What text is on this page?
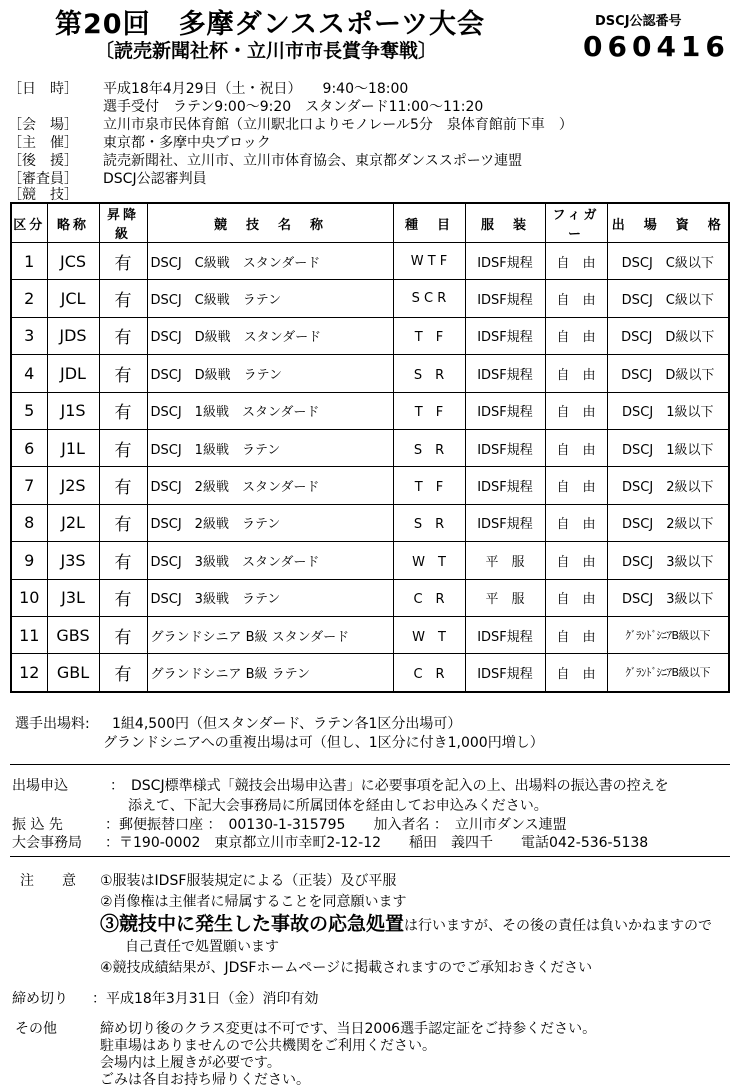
第20回　多摩ダンススポーツ大会
〔読売新聞社杯・立川市市長賞争奪戦〕
DSCJ公認番号
060416
［日　時］ 平成18年4月29日（土・祝日）　　9:40〜18:00
選手受付　ラテン9:00〜9:20　スタンダード11:00〜11:20
［会　場］ 立川市泉市民体育館（立川駅北口よりモノレール5分　泉体育館前下車　）
［主　催］ 東京都・多摩中央ブロック
［後　援］ 読売新聞社、立川市、立川市体育協会、東京都ダンススポーツ連盟
［審査員］ DSCJ公認審判員
［競　技］
区分	略称	昇降級	競　技　名　称	種　目	服　装	フィガー	出　場　資　格
1	JCS	有	DSCJ　C級戦　スタンダード	W T F	IDSF規程	自　由	DSCJ　C級以下
2	JCL	有	DSCJ　C級戦　ラテン	S C R	IDSF規程	自　由	DSCJ　C級以下
3	JDS	有	DSCJ　D級戦　スタンダード	T　F	IDSF規程	自　由	DSCJ　D級以下
4	JDL	有	DSCJ　D級戦　ラテン	S　R	IDSF規程	自　由	DSCJ　D級以下
5	J1S	有	DSCJ　1級戦　スタンダード	T　F	IDSF規程	自　由	DSCJ　1級以下
6	J1L	有	DSCJ　1級戦　ラテン	S　R	IDSF規程	自　由	DSCJ　1級以下
7	J2S	有	DSCJ　2級戦　スタンダード	T　F	IDSF規程	自　由	DSCJ　2級以下
8	J2L	有	DSCJ　2級戦　ラテン	S　R	IDSF規程	自　由	DSCJ　2級以下
9	J3S	有	DSCJ　3級戦　スタンダード	W　T	平　服	自　由	DSCJ　3級以下
10	J3L	有	DSCJ　3級戦　ラテン	C　R	平　服	自　由	DSCJ　3級以下
11	GBS	有	グランドシニア B級 スタンダード	W　T	IDSF規程	自　由	ｸﾞﾗﾝﾄﾞｼﾆｱB級以下
12	GBL	有	グランドシニア B級 ラテン	C　R	IDSF規程	自　由	ｸﾞﾗﾝﾄﾞｼﾆｱB級以下
選手出場料: 1組4,500円（但スタンダード、ラテン各1区分出場可）
グランドシニアへの重複出場は可（但し、1区分に付き1,000円増し）
出場申込	：　DSCJ標準様式「競技会出場申込書」に必要事項を記入の上、出場料の振込書の控えを
添えて、下記大会事務局に所属団体を経由してお申込みください。
振 込 先	：郵便振替口座 ：　00130-1-315795　　加入者名 ：　立川市ダンス連盟
大会事務局 ：〒190-0002　東京都立川市幸町2-12-12　　稲田　義四千　　電話042-536-5138
注　　意 ①服装はIDSF服装規定による（正装）及び平服
②肖像権は主催者に帰属することを同意願います
③競技中に発生した事故の応急処置は行いますが、その後の責任は負いかねますので
自己責任で処置願います
④競技成績結果が、JDSFホームページに掲載されますのでご承知おきください
締め切り ：平成18年3月31日（金）消印有効
その他	締め切り後のクラス変更は不可です、当日2006選手認定証をご持参ください。
駐車場はありませんので公共機関をご利用ください。
会場内は上履きが必要です。
ごみは各自お持ち帰りください。
